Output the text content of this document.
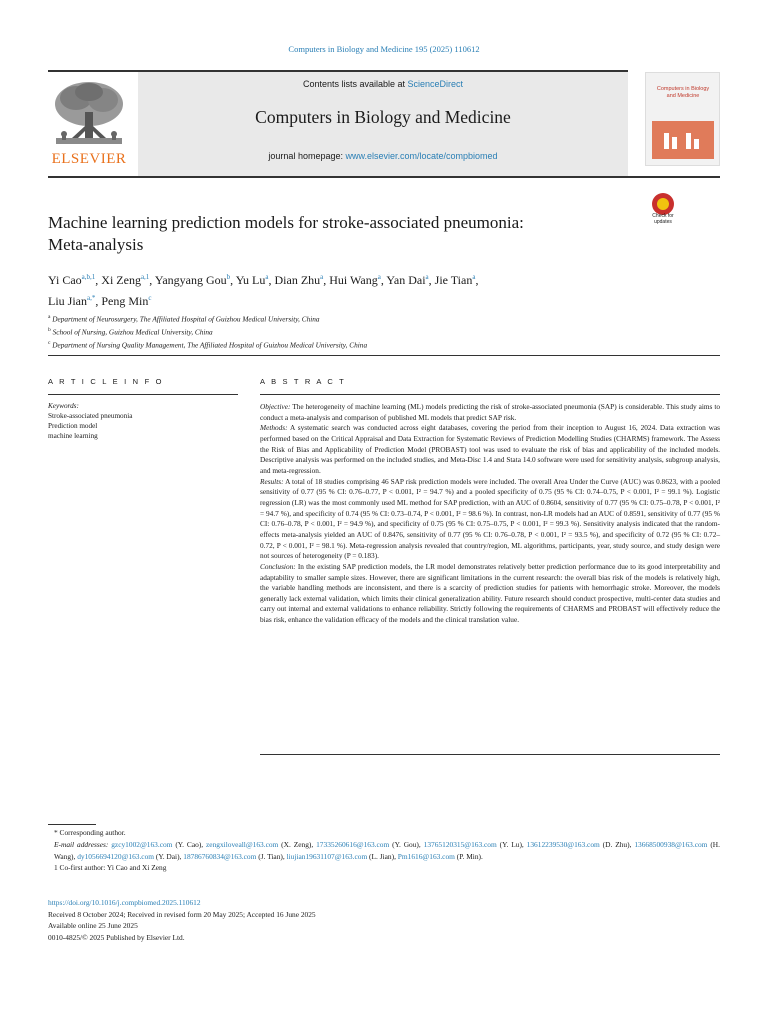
Computers in Biology and Medicine 195 (2025) 110612
ELSEVIER
Contents lists available at ScienceDirect
Computers in Biology and Medicine
journal homepage: www.elsevier.com/locate/compbiomed
Computers in Biology and Medicine
Check for updates
Machine learning prediction models for stroke-associated pneumonia:
Meta-analysis
Yi Cao$^{a,b,1}$, Xi Zeng$^{a,1}$, Yangyang Gou$^b$, Yu Lu$^a$, Dian Zhu$^a$, Hui Wang$^a$, Yan Dai$^a$, Jie Tian$^a$,
Liu Jian$^{a,*}$, Peng Min$^c$
$^a$ Department of Neurosurgery, The Affiliated Hospital of Guizhou Medical University, China
$^b$ School of Nursing, Guizhou Medical University, China
$^c$ Department of Nursing Quality Management, The Affiliated Hospital of Guizhou Medical University, China
A R T I C L E I N F O	A B S T R A C T
Keywords:
Stroke-associated pneumonia
Prediction model
machine learning

Objective: The heterogeneity of machine learning (ML) models predicting the risk of stroke-associated pneumonia (SAP) is considerable. This study aims to conduct a meta-analysis and comparison of published ML models that predict SAP risk.

Methods: A systematic search was conducted across eight databases, covering the period from their inception to August 16, 2024. Data extraction was performed based on the Critical Appraisal and Data Extraction for Systematic Reviews of Prediction Modelling Studies (CHARMS) framework. The Assess the Risk of Bias and Applicability of Prediction Model (PROBAST) tool was used to evaluate the risk of bias and applicability of the included models. Descriptive analysis was performed on the included studies, and Meta-Disc 1.4 and Stata 14.0 software were used for sensitivity analysis, subgroup analysis, and meta-regression.

Results: A total of 18 studies comprising 46 SAP risk prediction models were included. The overall Area Under the Curve (AUC) was 0.8623, with a pooled sensitivity of 0.77 (95 % CI: 0.76–0.77, P < 0.001, I² = 94.7 %) and a pooled specificity of 0.75 (95 % CI: 0.74–0.75, P < 0.001, I² = 99.1 %). Logistic regression (LR) was the most commonly used ML method for SAP prediction, with an AUC of 0.8604, sensitivity of 0.77 (95 % CI: 0.75–0.78, P < 0.001, I² = 94.7 %), and specificity of 0.74 (95 % CI: 0.73–0.74, P < 0.001, I² = 98.6 %). In contrast, non-LR models had an AUC of 0.8591, sensitivity of 0.77 (95 % CI: 0.76–0.78, P < 0.001, I² = 94.9 %), and specificity of 0.75 (95 % CI: 0.75–0.75, P < 0.001, I² = 99.3 %). Sensitivity analysis indicated that the random-effects meta-analysis yielded an AUC of 0.8476, sensitivity of 0.77 (95 % CI: 0.76–0.78, P < 0.001, I² = 93.5 %), and specificity of 0.72 (95 % CI: 0.72–0.72, P < 0.001, I² = 98.1 %). Meta-regression analysis revealed that country/region, ML algorithms, participants, year, study source, and study design were not sources of heterogeneity (P = 0.183).

Conclusion: In the existing SAP prediction models, the LR model demonstrates relatively better prediction performance due to its good interpretability and adaptability to smaller sample sizes. However, there are significant limitations in the current research: the overall bias risk of the models is relatively high, the variable handling methods are inconsistent, and there is a scarcity of prediction studies for patients with hemorrhagic stroke. Moreover, the models generally lack external validation, which limits their clinical generalization ability. Future research should conduct prospective, multi-center data studies and carry out internal and external validations to enhance reliability. Strictly following the requirements of CHARMS and PROBAST will effectively reduce the bias risk, enhance the validation efficacy of the models and the clinical translation value.

* Corresponding author.

E-mail addresses: gzcy1002@163.com (Y. Cao), zengxiloveall@163.com (X. Zeng), 17335260616@163.com (Y. Gou), 13765120315@163.com (Y. Lu), 13612239530@163.com (D. Zhu), 13668500938@163.com (H. Wang), dy1056694120@163.com (Y. Dai), 18786760834@163.com (J. Tian), liujian19631107@163.com (L. Jian), Pm1616@163.com (P. Min).

1 Co-first author: Yi Cao and Xi Zeng

https://doi.org/10.1016/j.compbiomed.2025.110612

Received 8 October 2024; Received in revised form 20 May 2025; Accepted 16 June 2025

Available online 25 June 2025

0010-4825/© 2025 Published by Elsevier Ltd.
